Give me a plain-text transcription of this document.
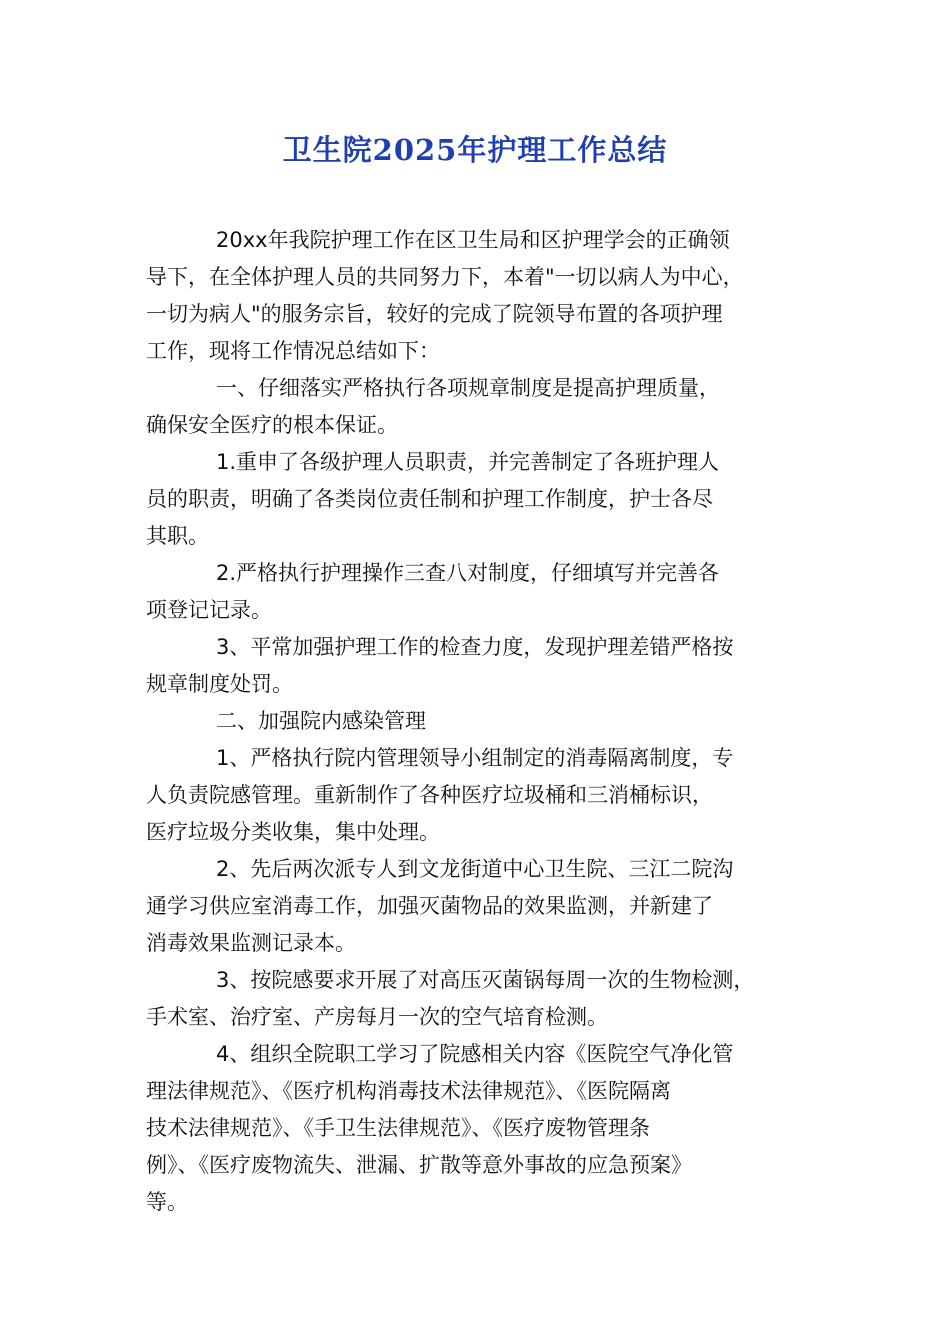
卫生院2025年护理工作总结
20xx年我院护理工作在区卫生局和区护理学会的正确领
导下，在全体护理人员的共同努力下，本着"一切以病人为中心，
一切为病人"的服务宗旨，较好的完成了院领导布置的各项护理
工作，现将工作情况总结如下：
一、仔细落实严格执行各项规章制度是提高护理质量，
确保安全医疗的根本保证。
1.重申了各级护理人员职责，并完善制定了各班护理人
员的职责，明确了各类岗位责任制和护理工作制度，护士各尽
其职。
2.严格执行护理操作三查八对制度，仔细填写并完善各
项登记记录。
3、平常加强护理工作的检查力度，发现护理差错严格按
规章制度处罚。
二、加强院内感染管理
1、严格执行院内管理领导小组制定的消毒隔离制度，专
人负责院感管理。重新制作了各种医疗垃圾桶和三消桶标识，
医疗垃圾分类收集，集中处理。
2、先后两次派专人到文龙街道中心卫生院、三江二院沟
通学习供应室消毒工作，加强灭菌物品的效果监测，并新建了
消毒效果监测记录本。
3、按院感要求开展了对高压灭菌锅每周一次的生物检测，
手术室、治疗室、产房每月一次的空气培育检测。
4、组织全院职工学习了院感相关内容《医院空气净化管
理法律规范》、《医疗机构消毒技术法律规范》、《医院隔离
技术法律规范》、《手卫生法律规范》、《医疗废物管理条
例》、《医疗废物流失、泄漏、扩散等意外事故的应急预案》
等。
